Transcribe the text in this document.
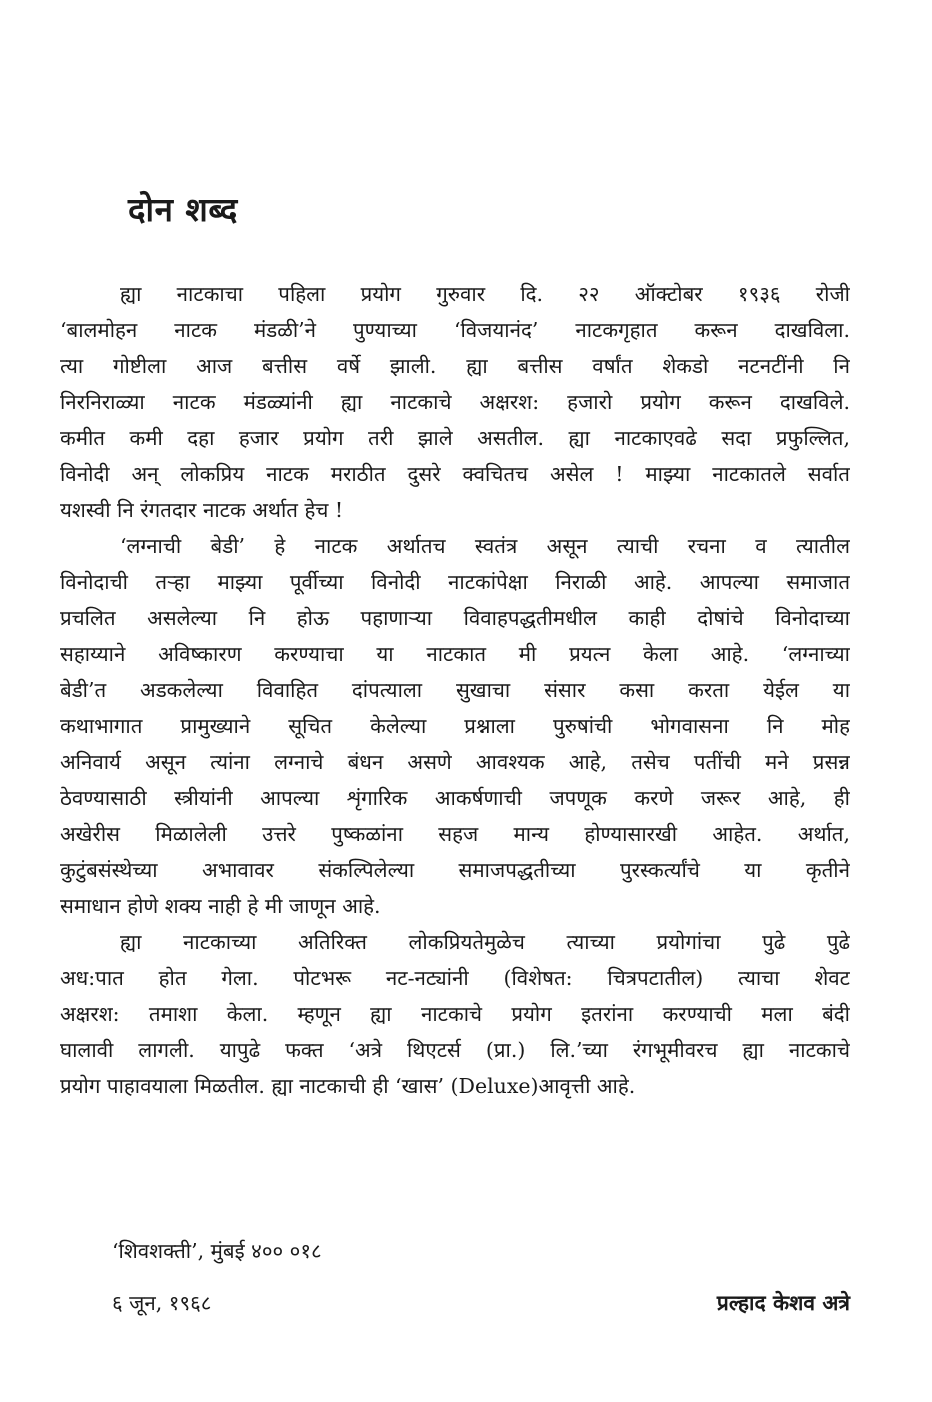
दोन शब्द
ह्या नाटकाचा पहिला प्रयोग गुरुवार दि. २२ ऑक्टोबर १९३६ रोजी
‘बालमोहन नाटक मंडळी’ने पुण्याच्या ‘विजयानंद’ नाटकगृहात करून दाखविला.
त्या गोष्टीला आज बत्तीस वर्षे झाली. ह्या बत्तीस वर्षांत शेकडो नटनटींनी नि
निरनिराळ्या नाटक मंडळ्यांनी ह्या नाटकाचे अक्षरश: हजारो प्रयोग करून दाखविले.
कमीत कमी दहा हजार प्रयोग तरी झाले असतील. ह्या नाटकाएवढे सदा प्रफुल्लित,
विनोदी अन् लोकप्रिय नाटक मराठीत दुसरे क्वचितच असेल ! माझ्या नाटकातले सर्वात
यशस्वी नि रंगतदार नाटक अर्थात हेच !
‘लग्नाची बेडी’ हे नाटक अर्थातच स्वतंत्र असून त्याची रचना व त्यातील
विनोदाची तऱ्हा माझ्या पूर्वीच्या विनोदी नाटकांपेक्षा निराळी आहे. आपल्या समाजात
प्रचलित असलेल्या नि होऊ पहाणाऱ्या विवाहपद्धतीमधील काही दोषांचे विनोदाच्या
सहाय्याने अविष्कारण करण्याचा या नाटकात मी प्रयत्न केला आहे. ‘लग्नाच्या
बेडी’त अडकलेल्या विवाहित दांपत्याला सुखाचा संसार कसा करता येईल या
कथाभागात प्रामुख्याने सूचित केलेल्या प्रश्नाला पुरुषांची भोगवासना नि मोह
अनिवार्य असून त्यांना लग्नाचे बंधन असणे आवश्यक आहे, तसेच पतींची मने प्रसन्न
ठेवण्यासाठी स्त्रीयांनी आपल्या शृंगारिक आकर्षणाची जपणूक करणे जरूर आहे, ही
अखेरीस मिळालेली उत्तरे पुष्कळांना सहज मान्य होण्यासारखी आहेत. अर्थात,
कुटुंबसंस्थेच्या अभावावर संकल्पिलेल्या समाजपद्धतीच्या पुरस्कर्त्यांचे या कृतीने
समाधान होणे शक्य नाही हे मी जाणून आहे.
ह्या नाटकाच्या अतिरिक्त लोकप्रियतेमुळेच त्याच्या प्रयोगांचा पुढे पुढे
अध:पात होत गेला. पोटभरू नट-नट्यांनी (विशेषत: चित्रपटातील) त्याचा शेवट
अक्षरश: तमाशा केला. म्हणून ह्या नाटकाचे प्रयोग इतरांना करण्याची मला बंदी
घालावी लागली. यापुढे फक्त ‘अत्रे थिएटर्स (प्रा.) लि.’च्या रंगभूमीवरच ह्या नाटकाचे
प्रयोग पाहावयाला मिळतील. ह्या नाटकाची ही ‘खास’ (Deluxe)आवृत्ती आहे.
‘शिवशक्ती’, मुंबई ४०० ०१८
६ जून, १९६८	प्रल्हाद केशव अत्रे
